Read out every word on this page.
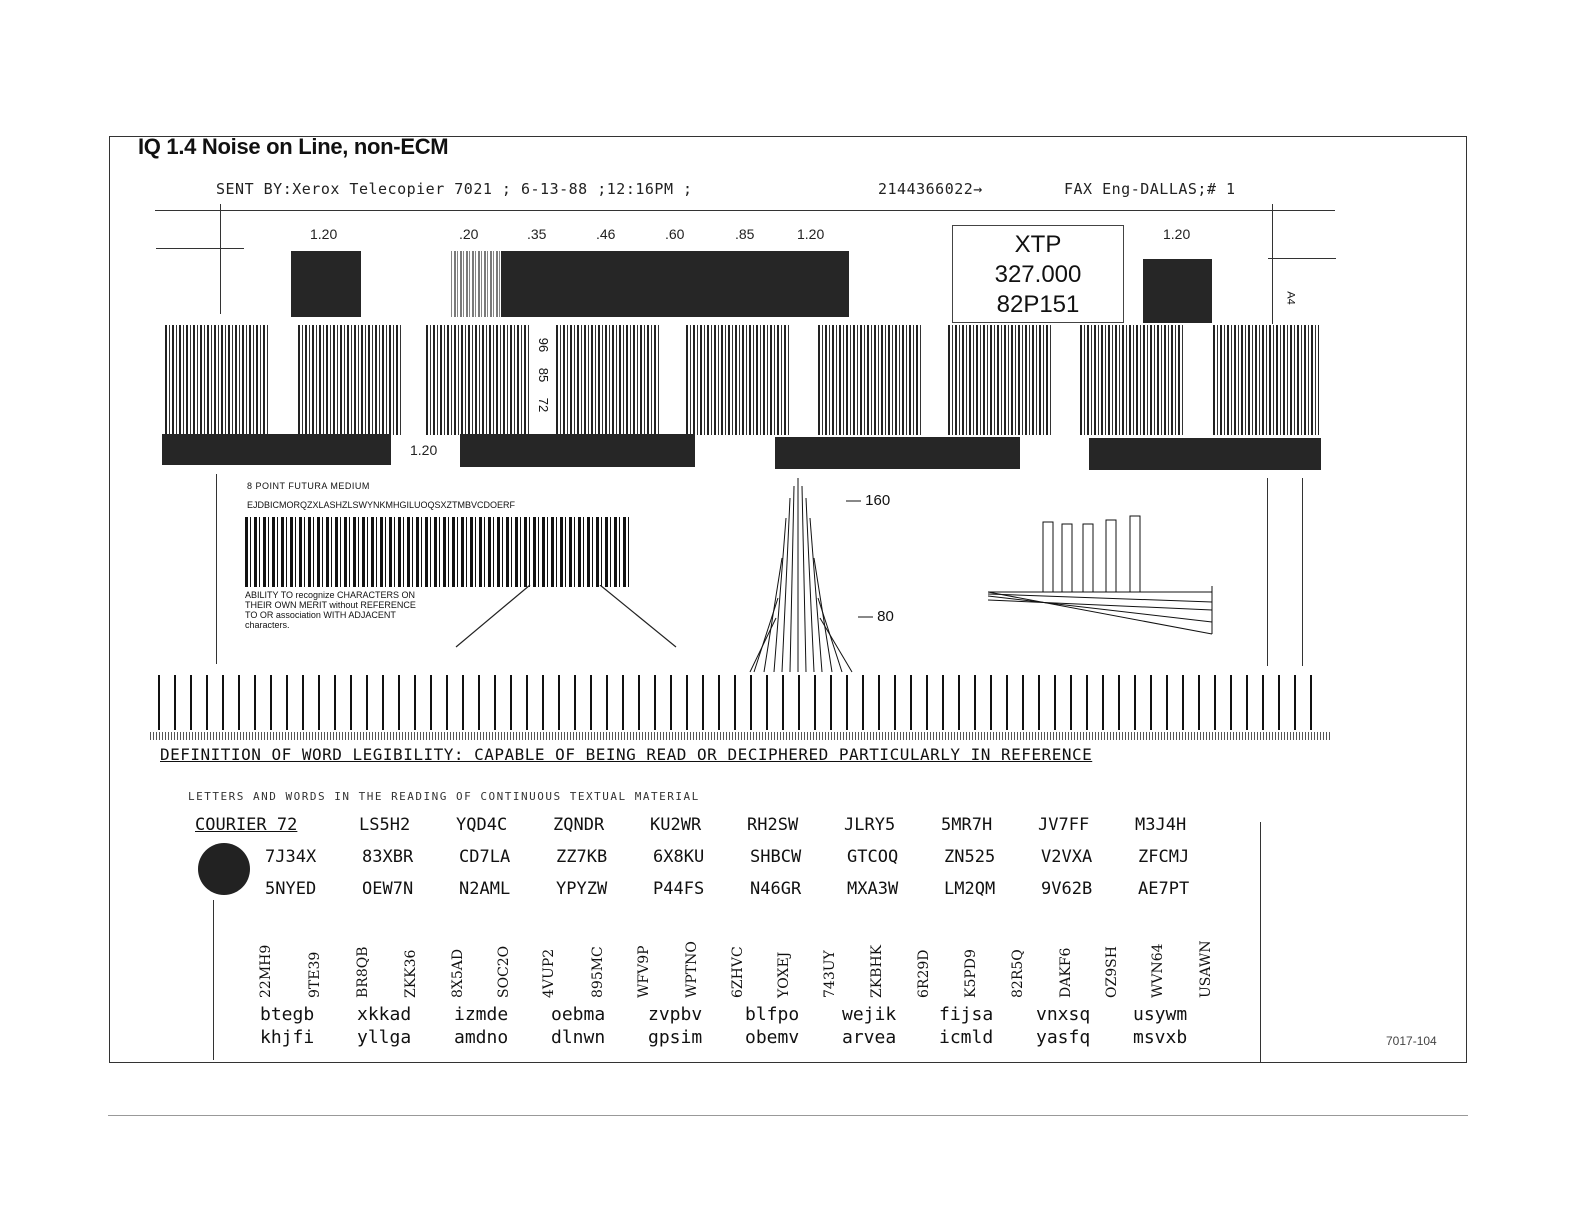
IQ 1.4 Noise on Line, non-ECM
SENT BY:Xerox Telecopier 7021 ; 6-13-88 ;12:16PM ;	2144366022→	FAX Eng-DALLAS;# 1
A4
1.20	.20	.35	.46	.60	.85	1.20	1.20
XTP
327.000
82P151
96
85
72
1.20
8 POINT FUTURA MEDIUM
EJDBICMORQZXLASHZLSWYNKMHGILUOQSXZTMBVCDOERF
ABILITY TO recognize CHARACTERS ON THEIR OWN MERIT without REFERENCE TO OR association WITH ADJACENT characters.
— 160
— 80
DEFINITION OF WORD LEGIBILITY: CAPABLE OF BEING READ OR DECIPHERED PARTICULARLY IN REFERENCE
LETTERS AND WORDS IN THE READING OF CONTINUOUS TEXTUAL MATERIAL
COURIER 72	LS5H2	YQD4C	ZQNDR	KU2WR	RH2SW	JLRY5	5MR7H	JV7FF	M3J4H
7J34X	83XBR	CD7LA	ZZ7KB	6X8KU	SHBCW	GTCOQ	ZN525	V2VXA	ZFCMJ
5NYED	OEW7N	N2AML	YPYZW	P44FS	N46GR	MXA3W	LM2QM	9V62B	AE7PT
22MH9 9TE39 BR8QB ZKK36 8X5AD SOC2O 4VUP2 895MC WFV9P WPTNO 6ZHVC YOXEJ 743UY ZKBHK 6R29D K5PD9 82R5Q DAKF6 OZ9SH WVN64 USAWN
btegb xkkad izmde oebma zvpbv blfpo wejik fijsa vnxsq usywm
khjfi yllga amdno dlnwn gpsim obemv arvea icmld yasfq msvxb	7017-104
